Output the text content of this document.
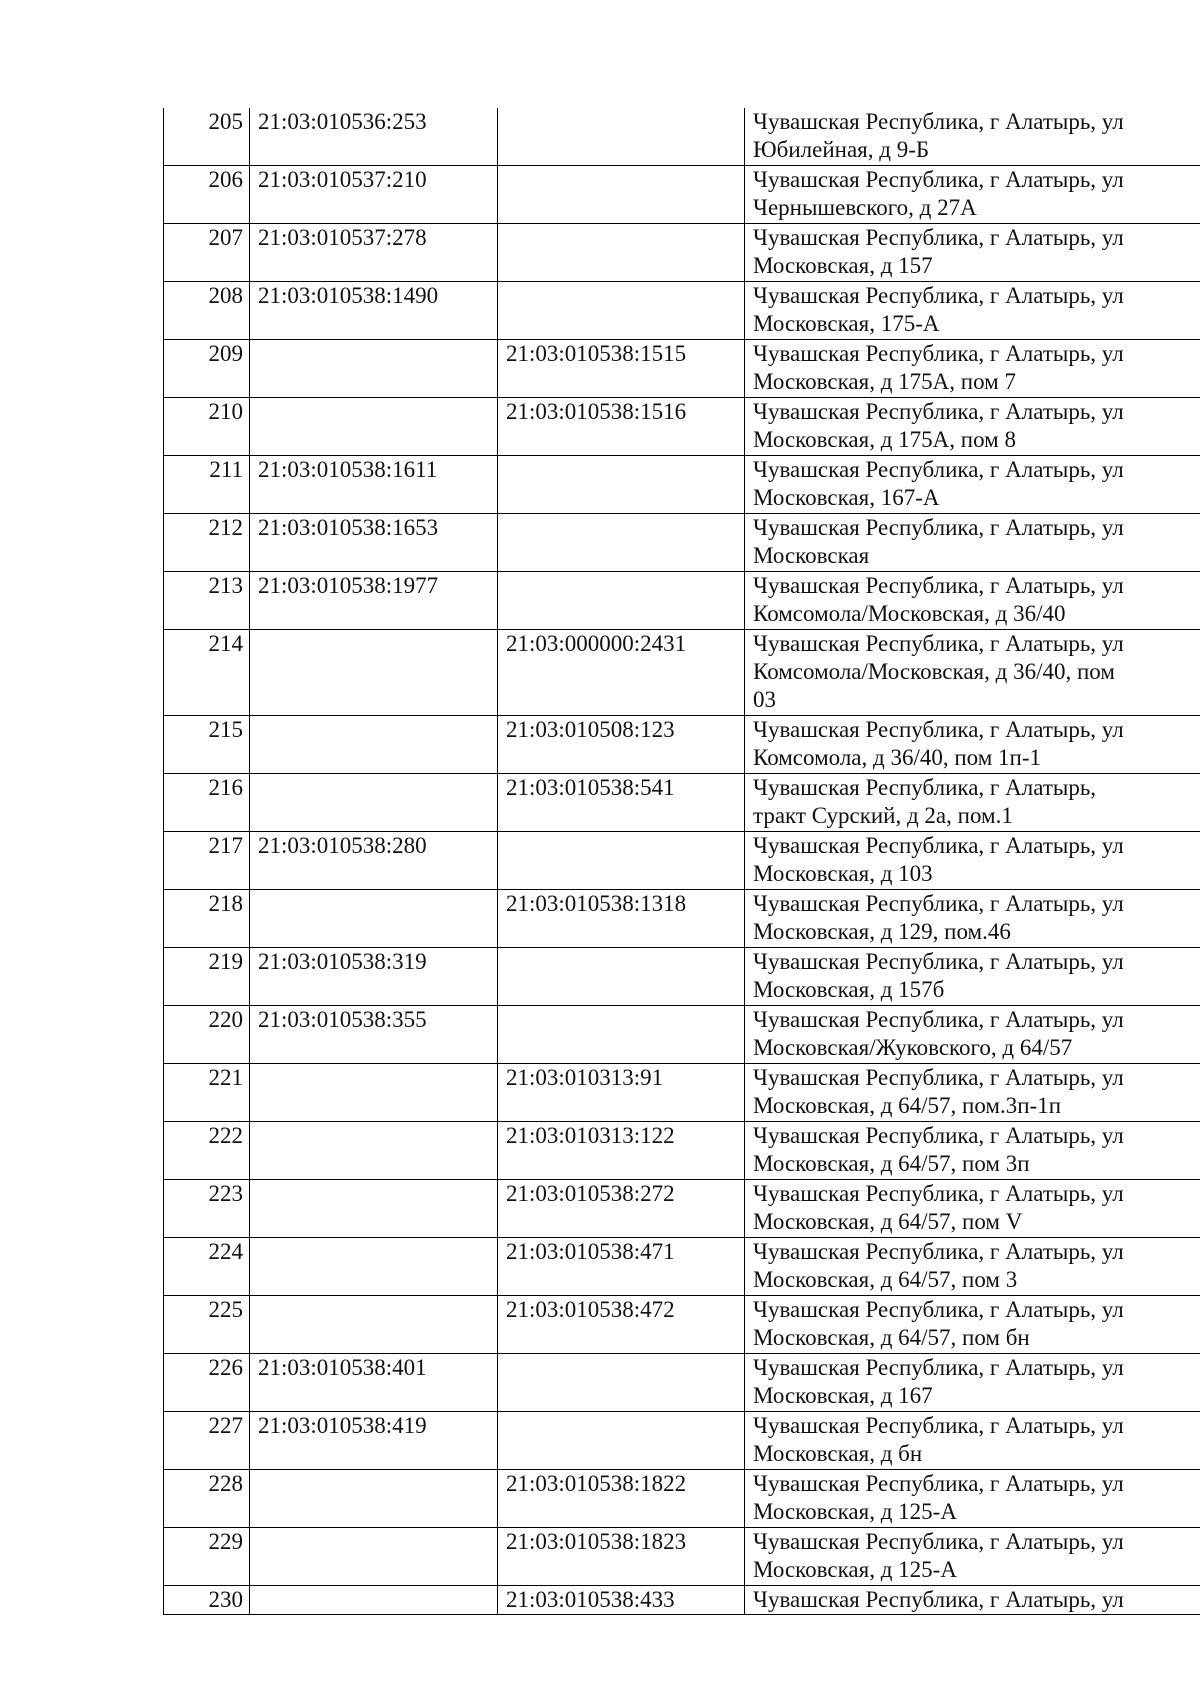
205	21:03:010536:253		Чувашская Республика, г Алатырь, ул
Юбилейная, д 9-Б

206	21:03:010537:210		Чувашская Республика, г Алатырь, ул
Чернышевского, д 27А

207	21:03:010537:278		Чувашская Республика, г Алатырь, ул
Московская, д 157

208	21:03:010538:1490		Чувашская Республика, г Алатырь, ул
Московская, 175-А

209		21:03:010538:1515	Чувашская Республика, г Алатырь, ул
Московская, д 175А, пом 7

210		21:03:010538:1516	Чувашская Республика, г Алатырь, ул
Московская, д 175А, пом 8

211	21:03:010538:1611		Чувашская Республика, г Алатырь, ул
Московская, 167-А

212	21:03:010538:1653		Чувашская Республика, г Алатырь, ул
Московская

213	21:03:010538:1977		Чувашская Республика, г Алатырь, ул
Комсомола/Московская, д 36/40

214		21:03:000000:2431	Чувашская Республика, г Алатырь, ул
Комсомола/Московская, д 36/40, пом
03

215		21:03:010508:123	Чувашская Республика, г Алатырь, ул
Комсомола, д 36/40, пом 1п-1

216		21:03:010538:541	Чувашская Республика, г Алатырь,
тракт Сурский, д 2а, пом.1

217	21:03:010538:280		Чувашская Республика, г Алатырь, ул
Московская, д 103

218		21:03:010538:1318	Чувашская Республика, г Алатырь, ул
Московская, д 129, пом.46

219	21:03:010538:319		Чувашская Республика, г Алатырь, ул
Московская, д 157б

220	21:03:010538:355		Чувашская Республика, г Алатырь, ул
Московская/Жуковского, д 64/57

221		21:03:010313:91	Чувашская Республика, г Алатырь, ул
Московская, д 64/57, пом.3п-1п

222		21:03:010313:122	Чувашская Республика, г Алатырь, ул
Московская, д 64/57, пом 3п

223		21:03:010538:272	Чувашская Республика, г Алатырь, ул
Московская, д 64/57, пом V

224		21:03:010538:471	Чувашская Республика, г Алатырь, ул
Московская, д 64/57, пом 3

225		21:03:010538:472	Чувашская Республика, г Алатырь, ул
Московская, д 64/57, пом бн

226	21:03:010538:401		Чувашская Республика, г Алатырь, ул
Московская, д 167

227	21:03:010538:419		Чувашская Республика, г Алатырь, ул
Московская, д бн

228		21:03:010538:1822	Чувашская Республика, г Алатырь, ул
Московская, д 125-А

229		21:03:010538:1823	Чувашская Республика, г Алатырь, ул
Московская, д 125-А

230		21:03:010538:433	Чувашская Республика, г Алатырь, ул
